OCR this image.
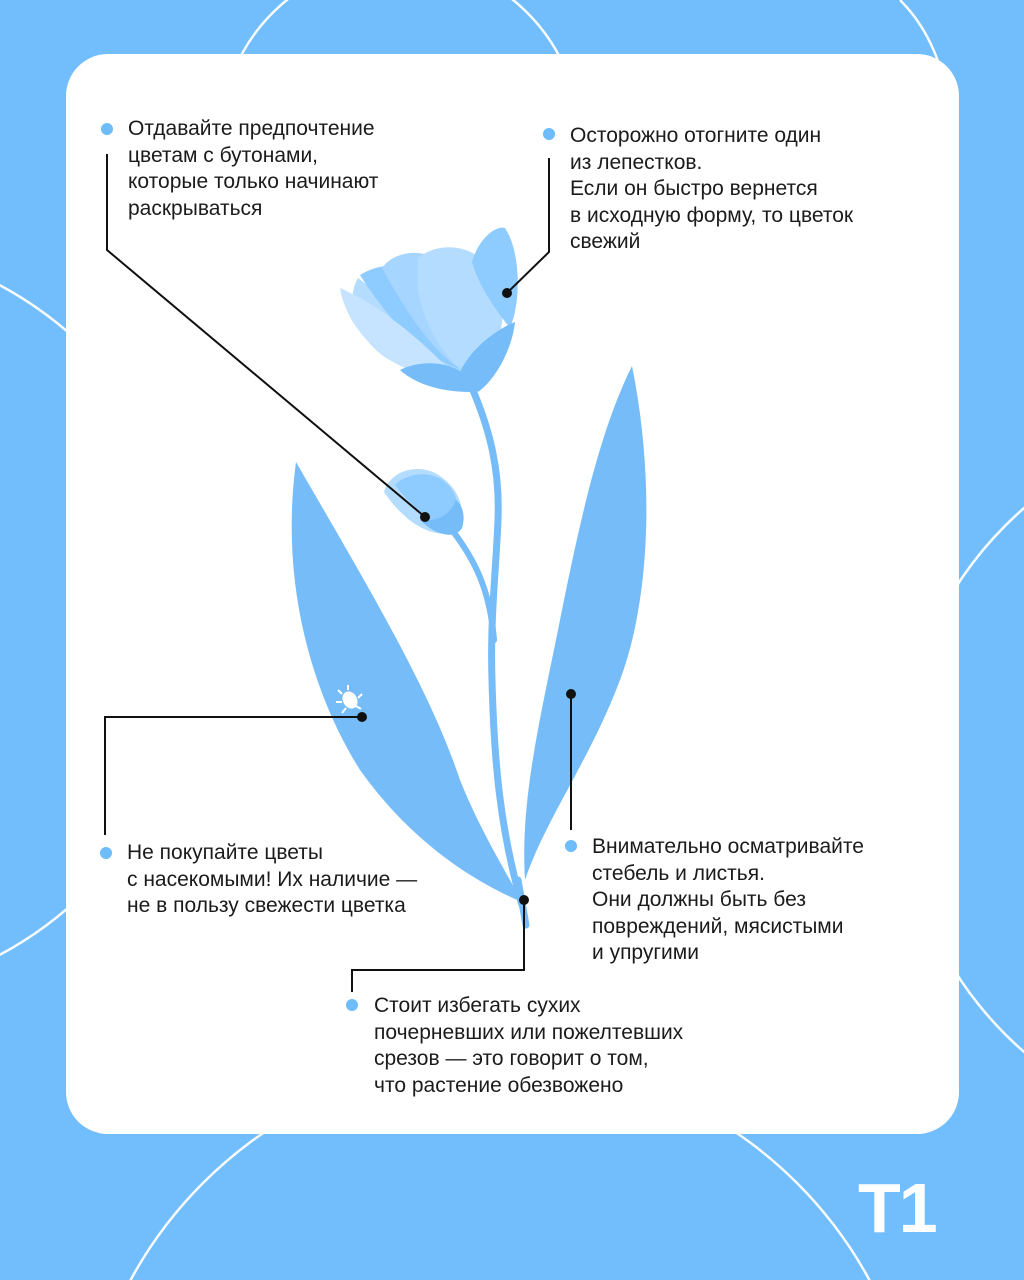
Отдавайте предпочтение
цветам с бутонами,
которые только начинают
раскрываться

Осторожно отогните один
из лепестков.
Если он быстро вернется
в исходную форму, то цветок
свежий

Не покупайте цветы
с насекомыми! Их наличие —
не в пользу свежести цветка

Внимательно осматривайте
стебель и листья.
Они должны быть без
повреждений, мясистыми
и упругими

Стоит избегать сухих
почерневших или пожелтевших
срезов — это говорит о том,
что растение обезвожено

T1
